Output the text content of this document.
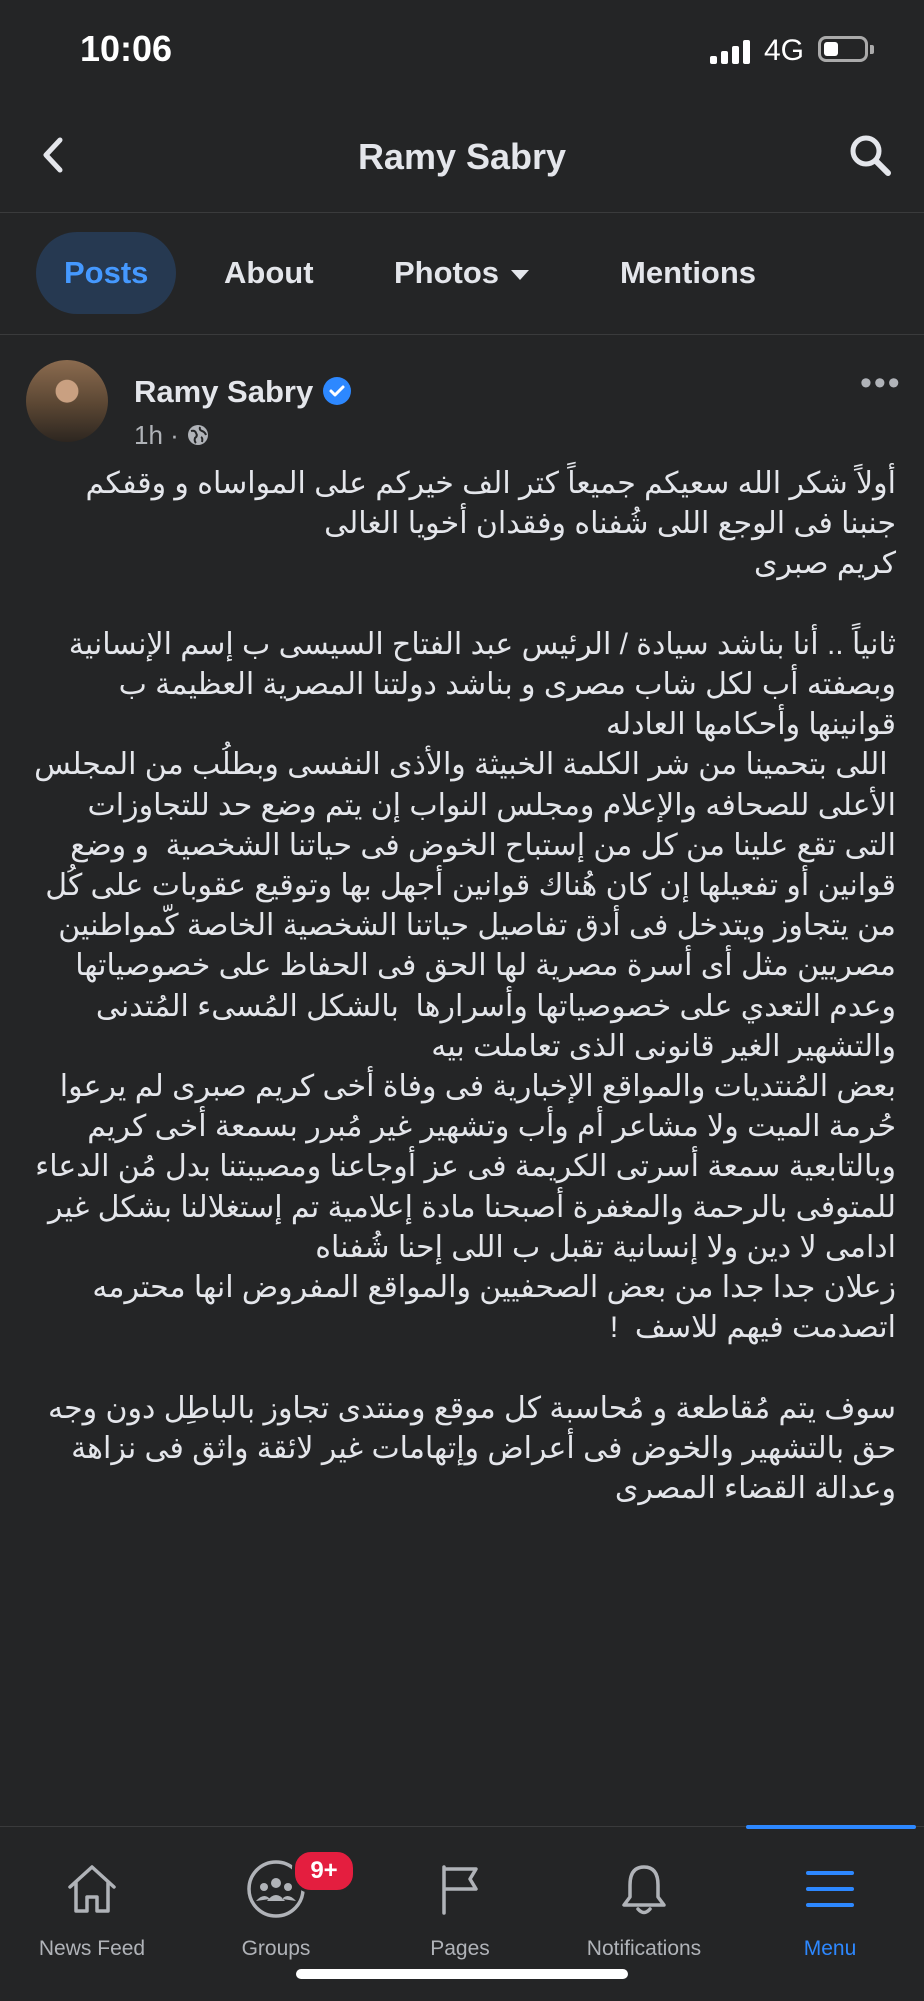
10:06	4G
Ramy Sabry
Posts	About	Photos	Mentions
Ramy Sabry
1h ·
•••

أولاً شكر الله سعيكم جميعاً كتر الف خيركم على المواساه و وقفكم جنبنا فى الوجع اللى شُفناه وفقدان أخويا الغالى
كريم صبرى

ثانياً .. أنا بناشد سيادة / الرئيس عبد الفتاح السيسى ب إسم الإنسانية وبصفته أب لكل شاب مصرى و بناشد دولتنا المصرية العظيمة ب قوانينها وأحكامها العادله
اللى بتحمينا من شر الكلمة الخبيثة والأذى النفسى وبطلُب من المجلس الأعلى للصحافه والإعلام ومجلس النواب إن يتم وضع حد للتجاوزات التى تقع علينا من كل من إستباح الخوض فى حياتنا الشخصية  و وضع قوانين أو تفعيلها إن كان هُناك قوانين أجهل بها وتوقيع عقوبات على كُل من يتجاوز ويتدخل فى أدق تفاصيل حياتنا الشخصية الخاصة كّمواطنين مصريين مثل أى أسرة مصرية لها الحق فى الحفاظ على خصوصياتها وعدم التعدي على خصوصياتها وأسرارها  بالشكل المُسىء المُتدنى والتشهير الغير قانونى الذى تعاملت بيه
بعض المُنتديات والمواقع الإخبارية فى وفاة أخى كريم صبرى لم يرعوا حُرمة الميت ولا مشاعر أم وأب وتشهير غير مُبرر بسمعة أخى كريم وبالتابعية سمعة أسرتى الكريمة فى عز أوجاعنا ومصيبتنا بدل مُن الدعاء للمتوفى بالرحمة والمغفرة أصبحنا مادة إعلامية تم إستغلالنا بشكل غير ادامى لا دين ولا إنسانية تقبل ب اللى إحنا شُفناه
زعلان جدا جدا من بعض الصحفيين والمواقع المفروض انها محترمه اتصدمت فيهم للاسف  !

سوف يتم مُقاطعة و مُحاسبة كل موقع ومنتدى تجاوز بالباطِل دون وجه حق بالتشهير والخوض فى أعراض وإتهامات غير لائقة واثق فى نزاهة وعدالة القضاء المصرى

News Feed
9+
Groups	Pages	Notifications	Menu
